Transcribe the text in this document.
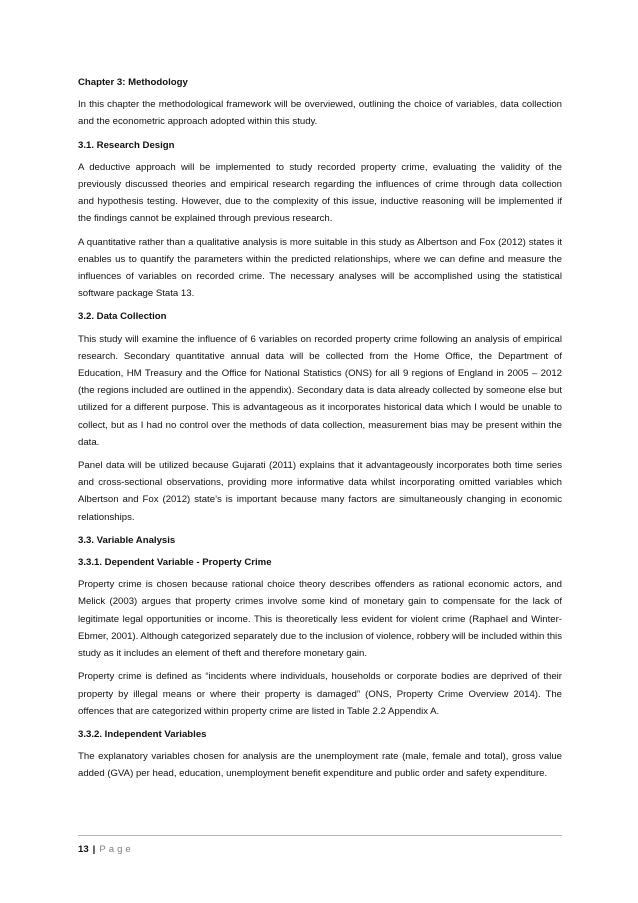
Chapter 3: Methodology

In this chapter the methodological framework will be overviewed, outlining the choice of variables, data collection and the econometric approach adopted within this study.

3.1. Research Design

A deductive approach will be implemented to study recorded property crime, evaluating the validity of the previously discussed theories and empirical research regarding the influences of crime through data collection and hypothesis testing. However, due to the complexity of this issue, inductive reasoning will be implemented if the findings cannot be explained through previous research.

A quantitative rather than a qualitative analysis is more suitable in this study as Albertson and Fox (2012) states it enables us to quantify the parameters within the predicted relationships, where we can define and measure the influences of variables on recorded crime. The necessary analyses will be accomplished using the statistical software package Stata 13.

3.2. Data Collection

This study will examine the influence of 6 variables on recorded property crime following an analysis of empirical research. Secondary quantitative annual data will be collected from the Home Office, the Department of Education, HM Treasury and the Office for National Statistics (ONS) for all 9 regions of England in 2005 – 2012 (the regions included are outlined in the appendix). Secondary data is data already collected by someone else but utilized for a different purpose. This is advantageous as it incorporates historical data which I would be unable to collect, but as I had no control over the methods of data collection, measurement bias may be present within the data.

Panel data will be utilized because Gujarati (2011) explains that it advantageously incorporates both time series and cross-sectional observations, providing more informative data whilst incorporating omitted variables which Albertson and Fox (2012) state’s is important because many factors are simultaneously changing in economic relationships.

3.3. Variable Analysis

3.3.1. Dependent Variable - Property Crime

Property crime is chosen because rational choice theory describes offenders as rational economic actors, and Melick (2003) argues that property crimes involve some kind of monetary gain to compensate for the lack of legitimate legal opportunities or income. This is theoretically less evident for violent crime (Raphael and Winter-Ebmer, 2001). Although categorized separately due to the inclusion of violence, robbery will be included within this study as it includes an element of theft and therefore monetary gain.

Property crime is defined as “incidents where individuals, households or corporate bodies are deprived of their property by illegal means or where their property is damaged” (ONS, Property Crime Overview 2014). The offences that are categorized within property crime are listed in Table 2.2 Appendix A.

3.3.2. Independent Variables

The explanatory variables chosen for analysis are the unemployment rate (male, female and total), gross value added (GVA) per head, education, unemployment benefit expenditure and public order and safety expenditure.

13 | Page
